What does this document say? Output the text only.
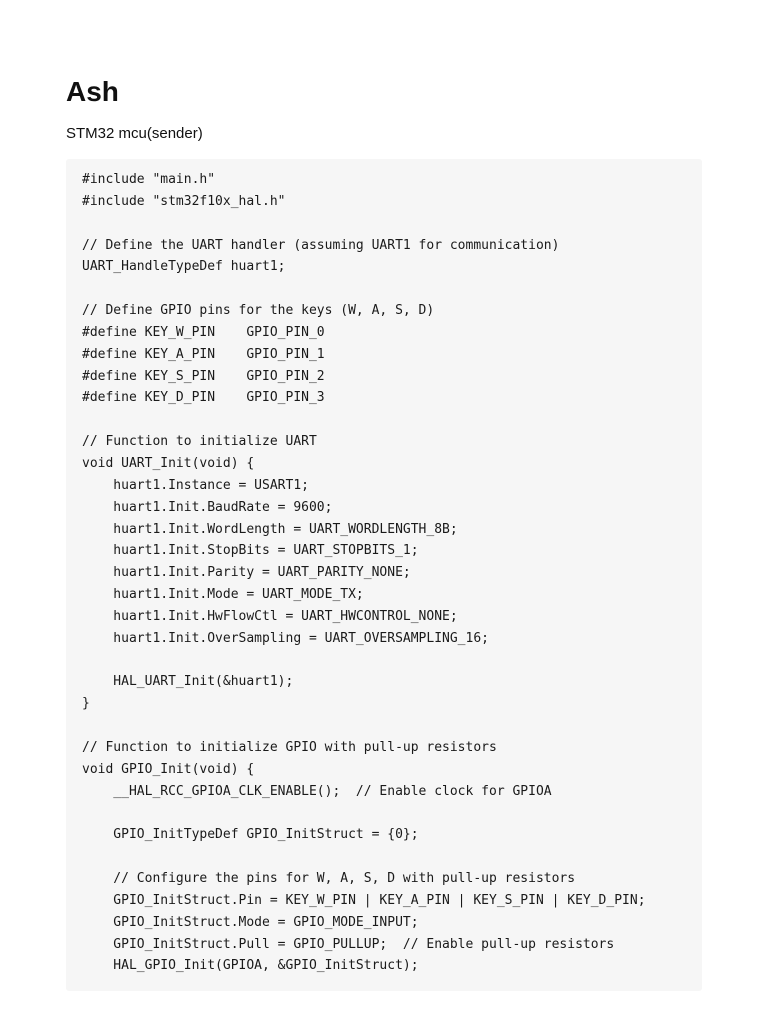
Ash

STM32 mcu(sender)

#include "main.h"
#include "stm32f10x_hal.h"
// Define the UART handler (assuming UART1 for communication)
UART_HandleTypeDef huart1;
// Define GPIO pins for the keys (W, A, S, D)
#define KEY_W_PIN    GPIO_PIN_0
#define KEY_A_PIN    GPIO_PIN_1
#define KEY_S_PIN    GPIO_PIN_2
#define KEY_D_PIN    GPIO_PIN_3
// Function to initialize UART
void UART_Init(void) {
huart1.Instance = USART1;
huart1.Init.BaudRate = 9600;
huart1.Init.WordLength = UART_WORDLENGTH_8B;
huart1.Init.StopBits = UART_STOPBITS_1;
huart1.Init.Parity = UART_PARITY_NONE;
huart1.Init.Mode = UART_MODE_TX;
huart1.Init.HwFlowCtl = UART_HWCONTROL_NONE;
huart1.Init.OverSampling = UART_OVERSAMPLING_16;
HAL_UART_Init(&huart1);
}
// Function to initialize GPIO with pull-up resistors
void GPIO_Init(void) {
__HAL_RCC_GPIOA_CLK_ENABLE();  // Enable clock for GPIOA
GPIO_InitTypeDef GPIO_InitStruct = {0};
// Configure the pins for W, A, S, D with pull-up resistors
GPIO_InitStruct.Pin = KEY_W_PIN | KEY_A_PIN | KEY_S_PIN | KEY_D_PIN;
GPIO_InitStruct.Mode = GPIO_MODE_INPUT;
GPIO_InitStruct.Pull = GPIO_PULLUP;  // Enable pull-up resistors
HAL_GPIO_Init(GPIOA, &GPIO_InitStruct);
